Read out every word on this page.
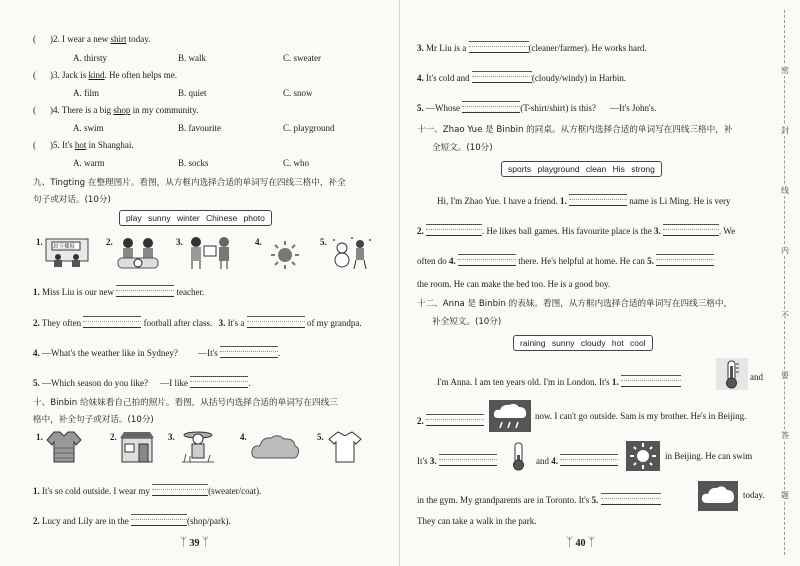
( )2. I wear a new shirt today.
A. thirsty	B. walk	C. sweater
( )3. Jack is kind. He often helps me.
A. film	B. quiet	C. snow
( )4. There is a big shop in my community.
A. swim	B. favourite	C. playground
( )5. It's hot in Shanghai.
A. warm	B. socks	C. who
九、Tingting 在整理图片。看图，从方框内选择合适的单词写在四线三格中，补全
句子或对话。(10分)
play sunny winter Chinese photo
1. 晨卫播报	2.	3.	4.	5.
1. Miss Liu is our new	teacher.
2. They often	football after class. 3. It's a	of my grandpa.
4. —What's the weather like in Sydney? —It's	.
5. —Which season do you like? —I like	.
十、Binbin 给妹妹看自己拍的照片。看图，从括号内选择合适的单词写在四线三
格中，补全句子或对话。(10分)
1.	2.	3.	4.	5.
1. It's so cold outside. I wear my	(sweater/coat).
2. Lucy and Lily are in the	(shop/park).
ᛉ 39 ᛉ
3. Mr Liu is a	(cleaner/farmer). He works hard.
4. It's cold and	(cloudy/windy) in Harbin.
5. —Whose	(T-shirt/shirt) is this? —It's John's.
十一、Zhao Yue 是 Binbin 的同桌。从方框内选择合适的单词写在四线三格中，补
全短文。(10分)
sports playground clean His strong
Hi, I'm Zhao Yue. I have a friend. 1.	name is Li Ming. He is very
2.	. He likes ball games. His favourite place is the 3.	. We
often do 4.	there. He's helpful at home. He can 5.
the room. He can make the bed too. He is a good boy.
十二、Anna 是 Binbin 的表妹。看图，从方框内选择合适的单词写在四线三格中，
补全短文。(10分)
raining sunny cloudy hot cool
I'm Anna. I am ten years old. I'm in London. It's 1.	and
2.	now. I can't go outside. Sam is my brother. He's in Beijing.
It's 3.	and 4.	in Beijing. He can swim
in the gym. My grandparents are in Toronto. It's 5.	today.
They can take a walk in the park.
ᛉ 40 ᛉ
密
封
线
内
不
要
答
题
